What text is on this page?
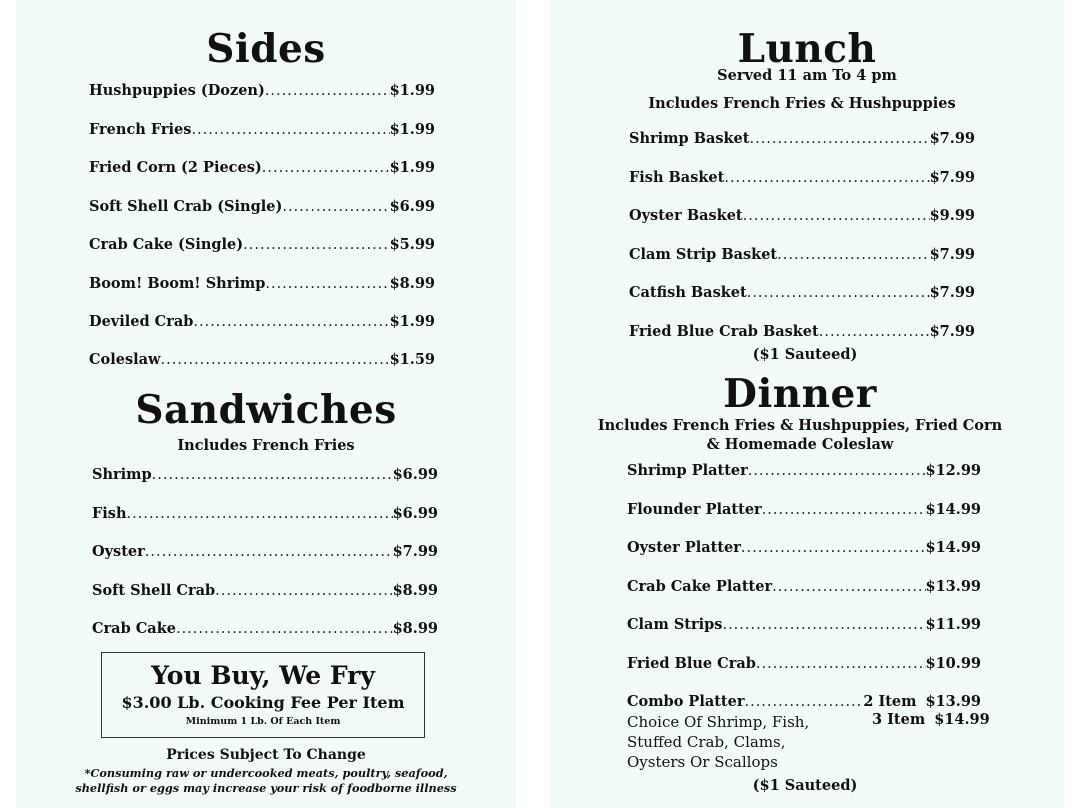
Sides
Hushpuppies (Dozen) .....	$1.99
French Fries .....	$1.99
Fried Corn (2 Pieces) .....	$1.99
Soft Shell Crab (Single) .....	$6.99
Crab Cake (Single) .....	$5.99
Boom! Boom! Shrimp .....	$8.99
Deviled Crab .....	$1.99
Coleslaw .....	$1.59
Sandwiches
Includes French Fries
Shrimp .....	$6.99
Fish .....	$6.99
Oyster .....	$7.99
Soft Shell Crab .....	$8.99
Crab Cake .....	$8.99
You Buy, We Fry
$3.00 Lb. Cooking Fee Per Item
Minimum 1 Lb. Of Each Item
Prices Subject To Change
*Consuming raw or undercooked meats, poultry, seafood,
shellfish or eggs may increase your risk of foodborne illness
Lunch
Served 11 am To 4 pm
Includes French Fries & Hushpuppies
Shrimp Basket .....	$7.99
Fish Basket .....	$7.99
Oyster Basket .....	$9.99
Clam Strip Basket .....	$7.99
Catfish Basket .....	$7.99
Fried Blue Crab Basket .....	$7.99
($1 Sauteed)
Dinner
Includes French Fries & Hushpuppies, Fried Corn
& Homemade Coleslaw
Shrimp Platter .....	$12.99
Flounder Platter .....	$14.99
Oyster Platter .....	$14.99
Crab Cake Platter .....	$13.99
Clam Strips .....	$11.99
Fried Blue Crab .....	$10.99
Combo Platter .....	2 Item $13.99
3 Item $14.99
Choice Of Shrimp, Fish,
Stuffed Crab, Clams,
Oysters Or Scallops
($1 Sauteed)
